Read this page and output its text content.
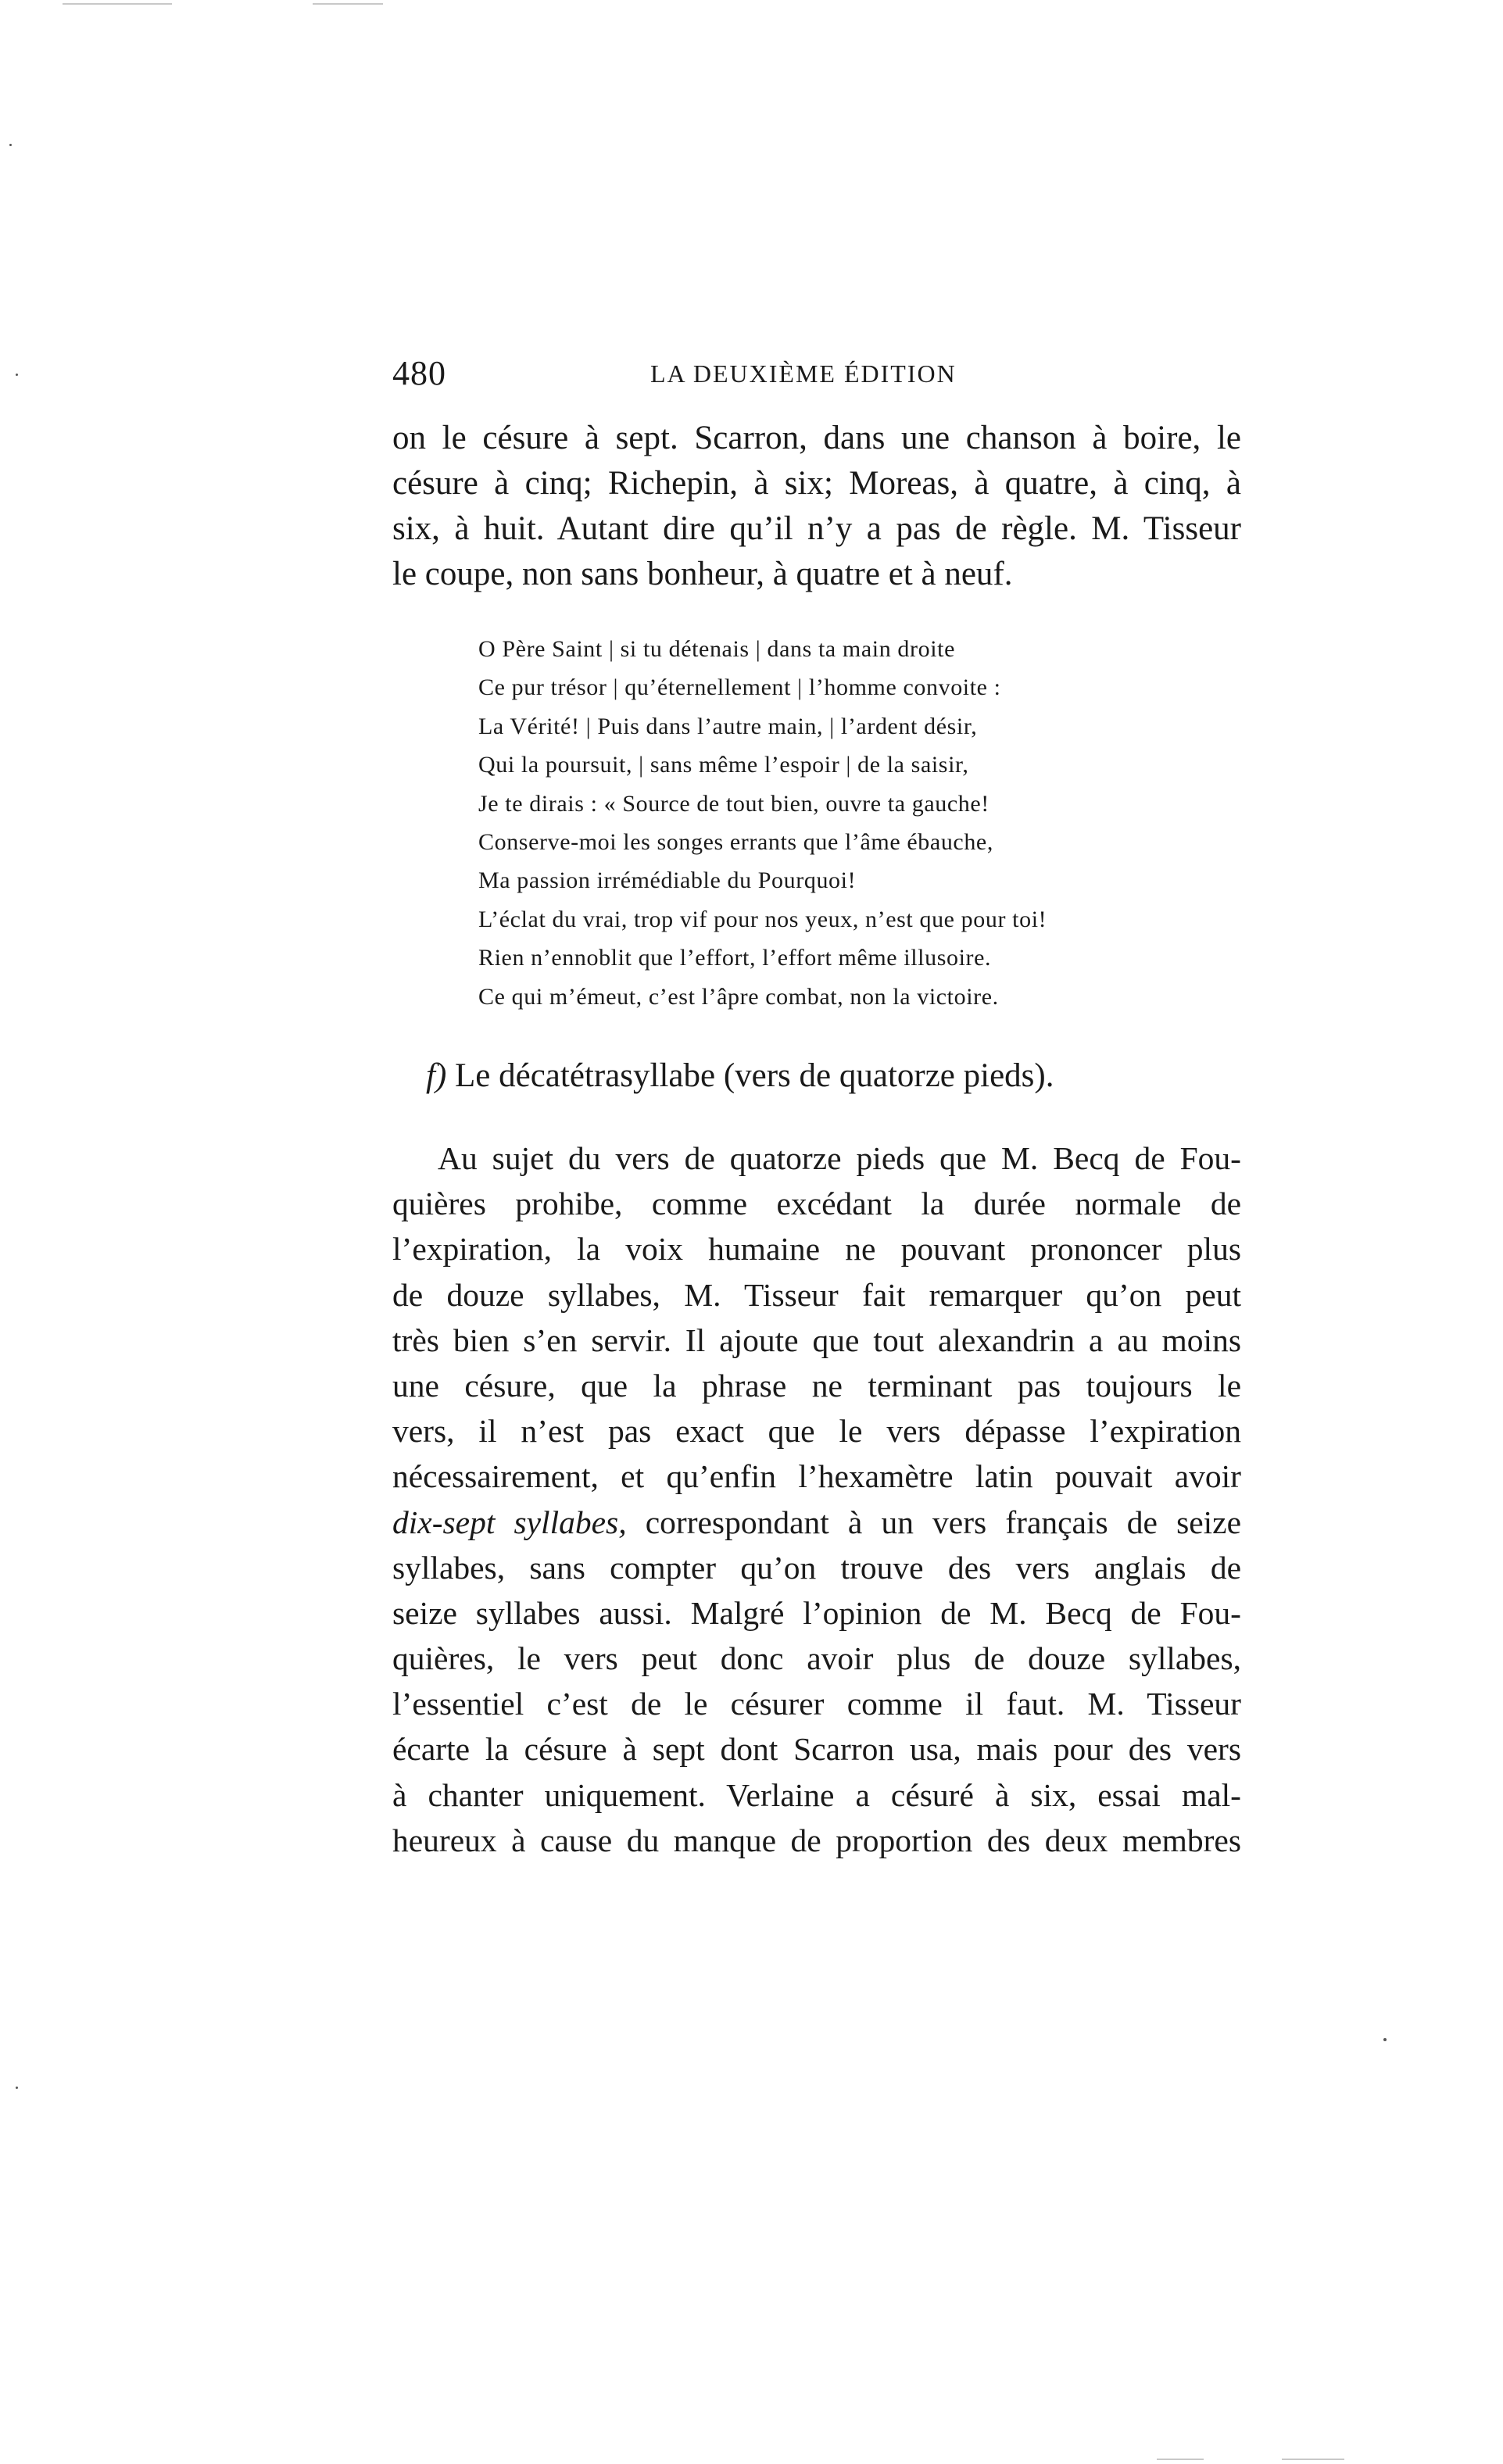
480	LA DEUXIÈME ÉDITION
on le césure à sept. Scarron, dans une chanson à boire, le
césure à cinq; Richepin, à six; Moreas, à quatre, à cinq, à
six, à huit. Autant dire qu’il n’y a pas de règle. M. Tisseur
le coupe, non sans bonheur, à quatre et à neuf.
O Père Saint | si tu détenais | dans ta main droite
Ce pur trésor | qu’éternellement | l’homme convoite :
La Vérité! | Puis dans l’autre main, | l’ardent désir,
Qui la poursuit, | sans même l’espoir | de la saisir,
Je te dirais : « Source de tout bien, ouvre ta gauche!
Conserve-moi les songes errants que l’âme ébauche,
Ma passion irrémédiable du Pourquoi!
L’éclat du vrai, trop vif pour nos yeux, n’est que pour toi!
Rien n’ennoblit que l’effort, l’effort même illusoire.
Ce qui m’émeut, c’est l’âpre combat, non la victoire.
f) Le décatétrasyllabe (vers de quatorze pieds).
Au sujet du vers de quatorze pieds que M. Becq de Fou-
quières prohibe, comme excédant la durée normale de
l’expiration, la voix humaine ne pouvant prononcer plus
de douze syllabes, M. Tisseur fait remarquer qu’on peut
très bien s’en servir. Il ajoute que tout alexandrin a au moins
une césure, que la phrase ne terminant pas toujours le
vers, il n’est pas exact que le vers dépasse l’expiration
nécessairement, et qu’enfin l’hexamètre latin pouvait avoir
dix-sept syllabes, correspondant à un vers français de seize
syllabes, sans compter qu’on trouve des vers anglais de
seize syllabes aussi. Malgré l’opinion de M. Becq de Fou-
quières, le vers peut donc avoir plus de douze syllabes,
l’essentiel c’est de le césurer comme il faut. M. Tisseur
écarte la césure à sept dont Scarron usa, mais pour des vers
à chanter uniquement. Verlaine a césuré à six, essai mal-
heureux à cause du manque de proportion des deux membres
